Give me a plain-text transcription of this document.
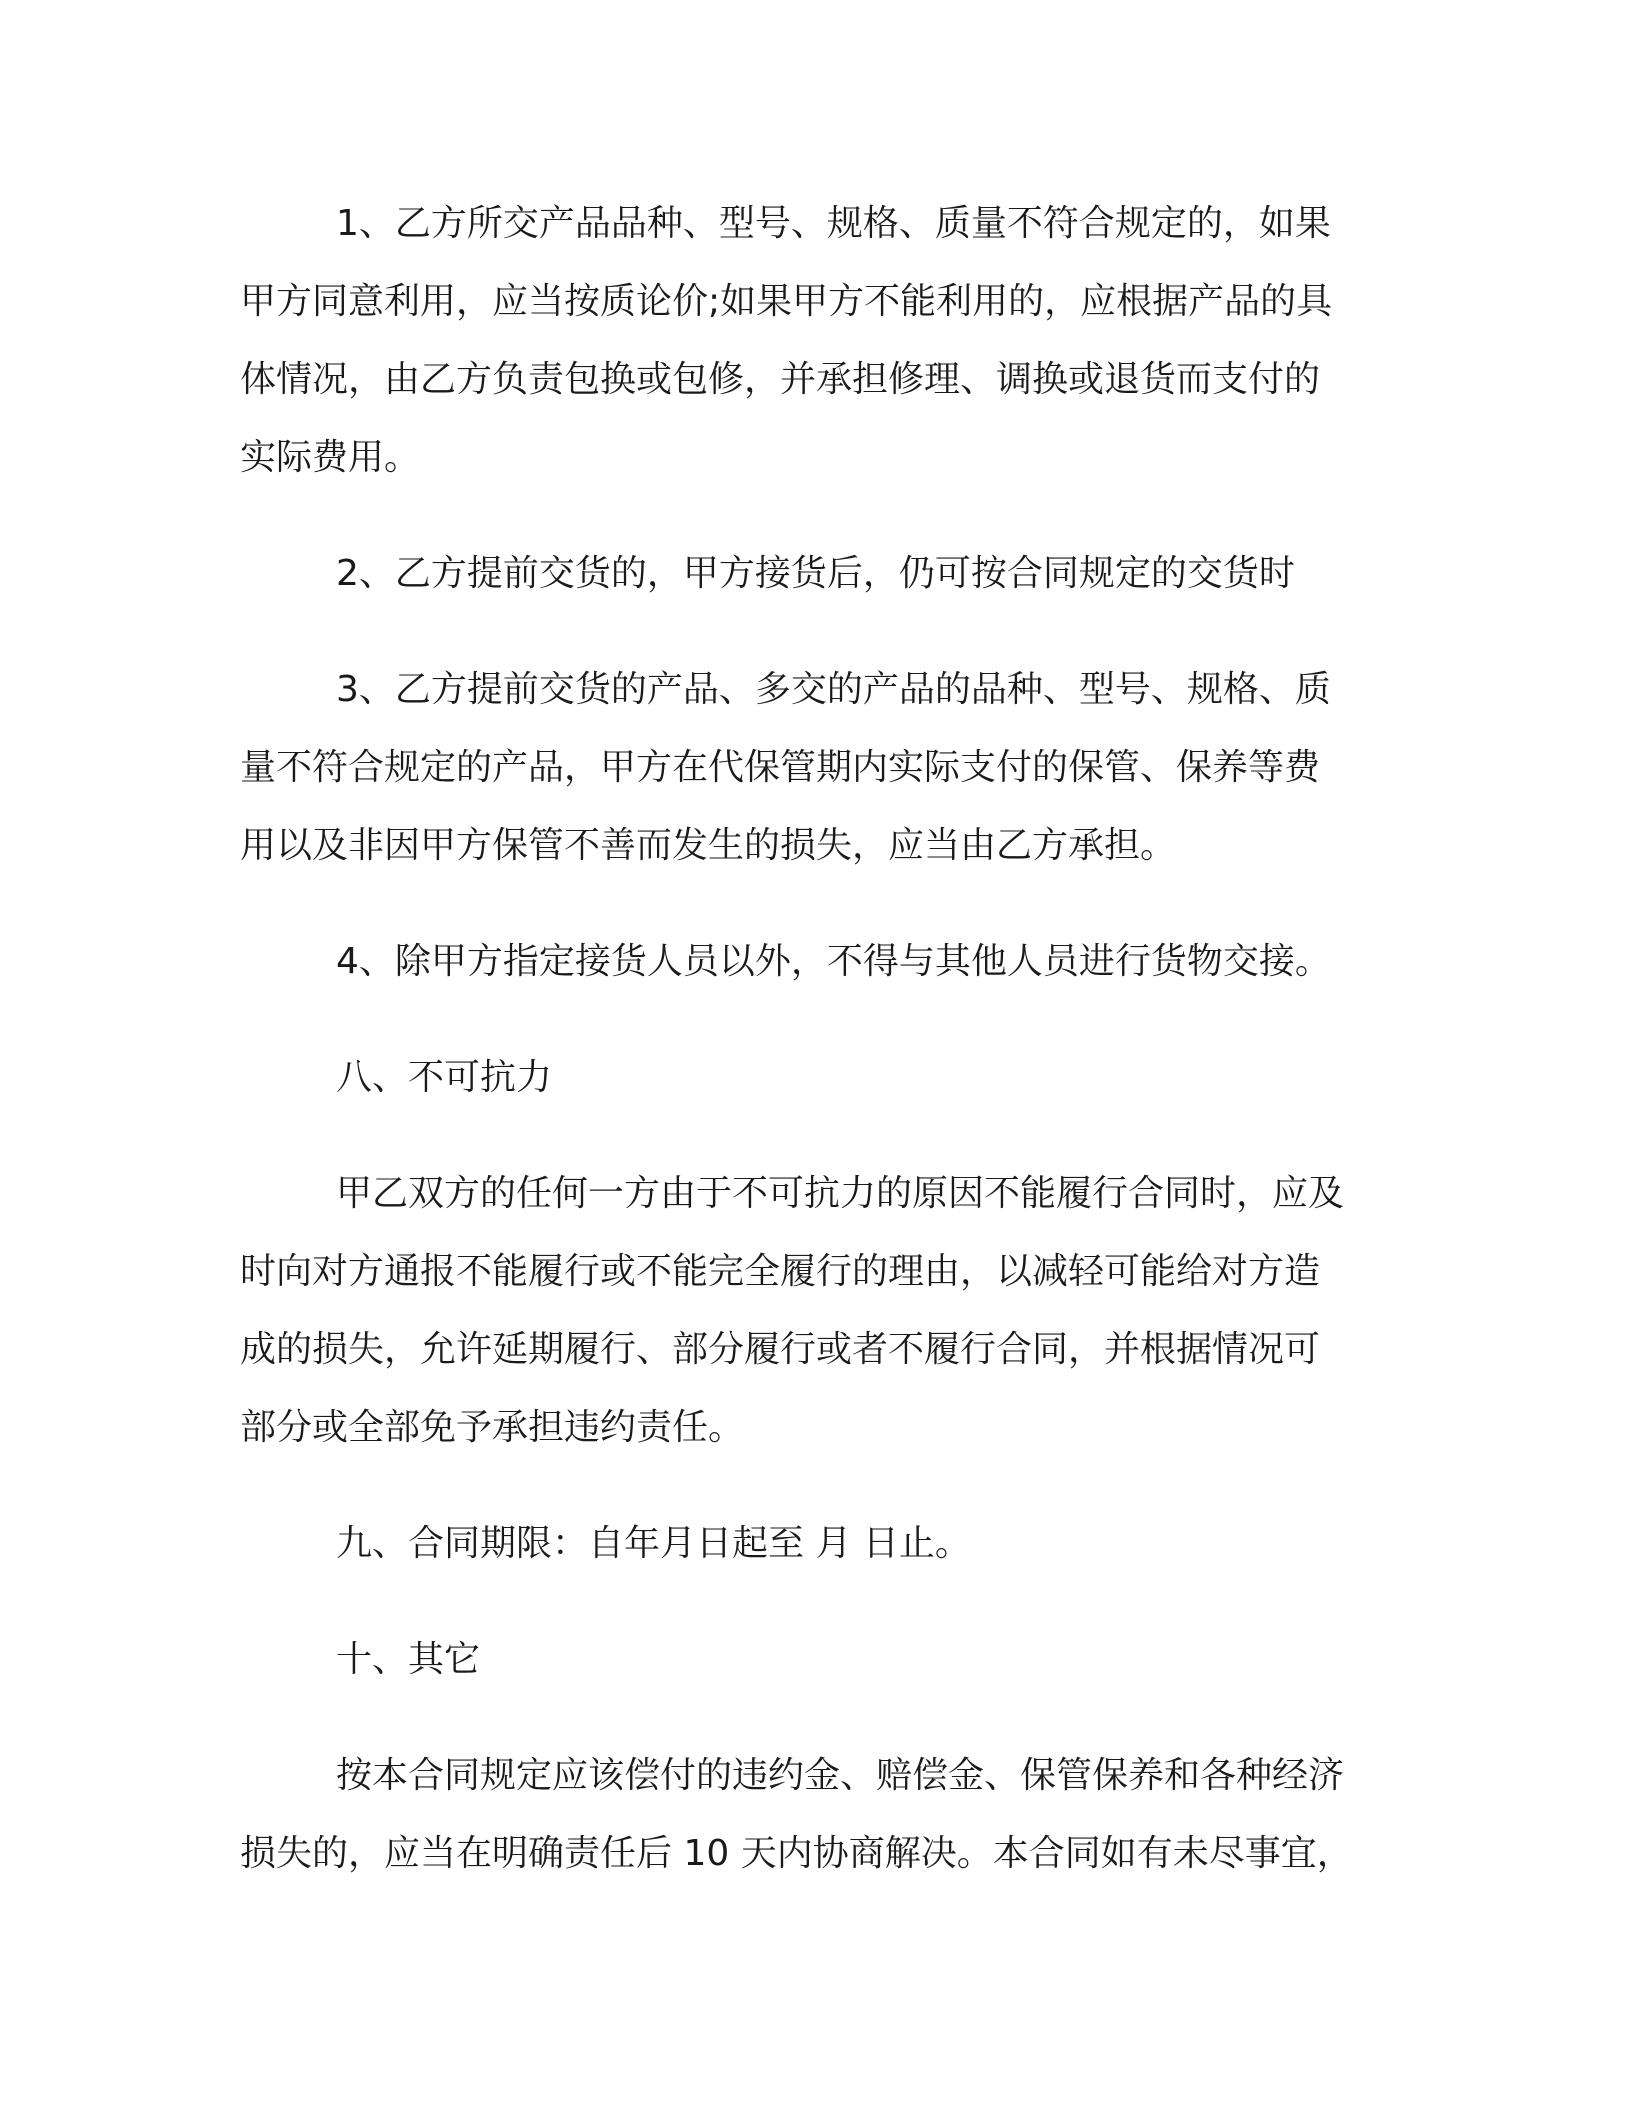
1、乙方所交产品品种、型号、规格、质量不符合规定的，如果
甲方同意利用，应当按质论价;如果甲方不能利用的，应根据产品的具
体情况，由乙方负责包换或包修，并承担修理、调换或退货而支付的
实际费用。
2、乙方提前交货的，甲方接货后，仍可按合同规定的交货时
3、乙方提前交货的产品、多交的产品的品种、型号、规格、质
量不符合规定的产品，甲方在代保管期内实际支付的保管、保养等费
用以及非因甲方保管不善而发生的损失，应当由乙方承担。
4、除甲方指定接货人员以外，不得与其他人员进行货物交接。
八、不可抗力
甲乙双方的任何一方由于不可抗力的原因不能履行合同时，应及
时向对方通报不能履行或不能完全履行的理由，以减轻可能给对方造
成的损失，允许延期履行、部分履行或者不履行合同，并根据情况可
部分或全部免予承担违约责任。
九、合同期限：自年月日起至 月 日止。
十、其它
按本合同规定应该偿付的违约金、赔偿金、保管保养和各种经济
损失的，应当在明确责任后 10 天内协商解决。本合同如有未尽事宜，
